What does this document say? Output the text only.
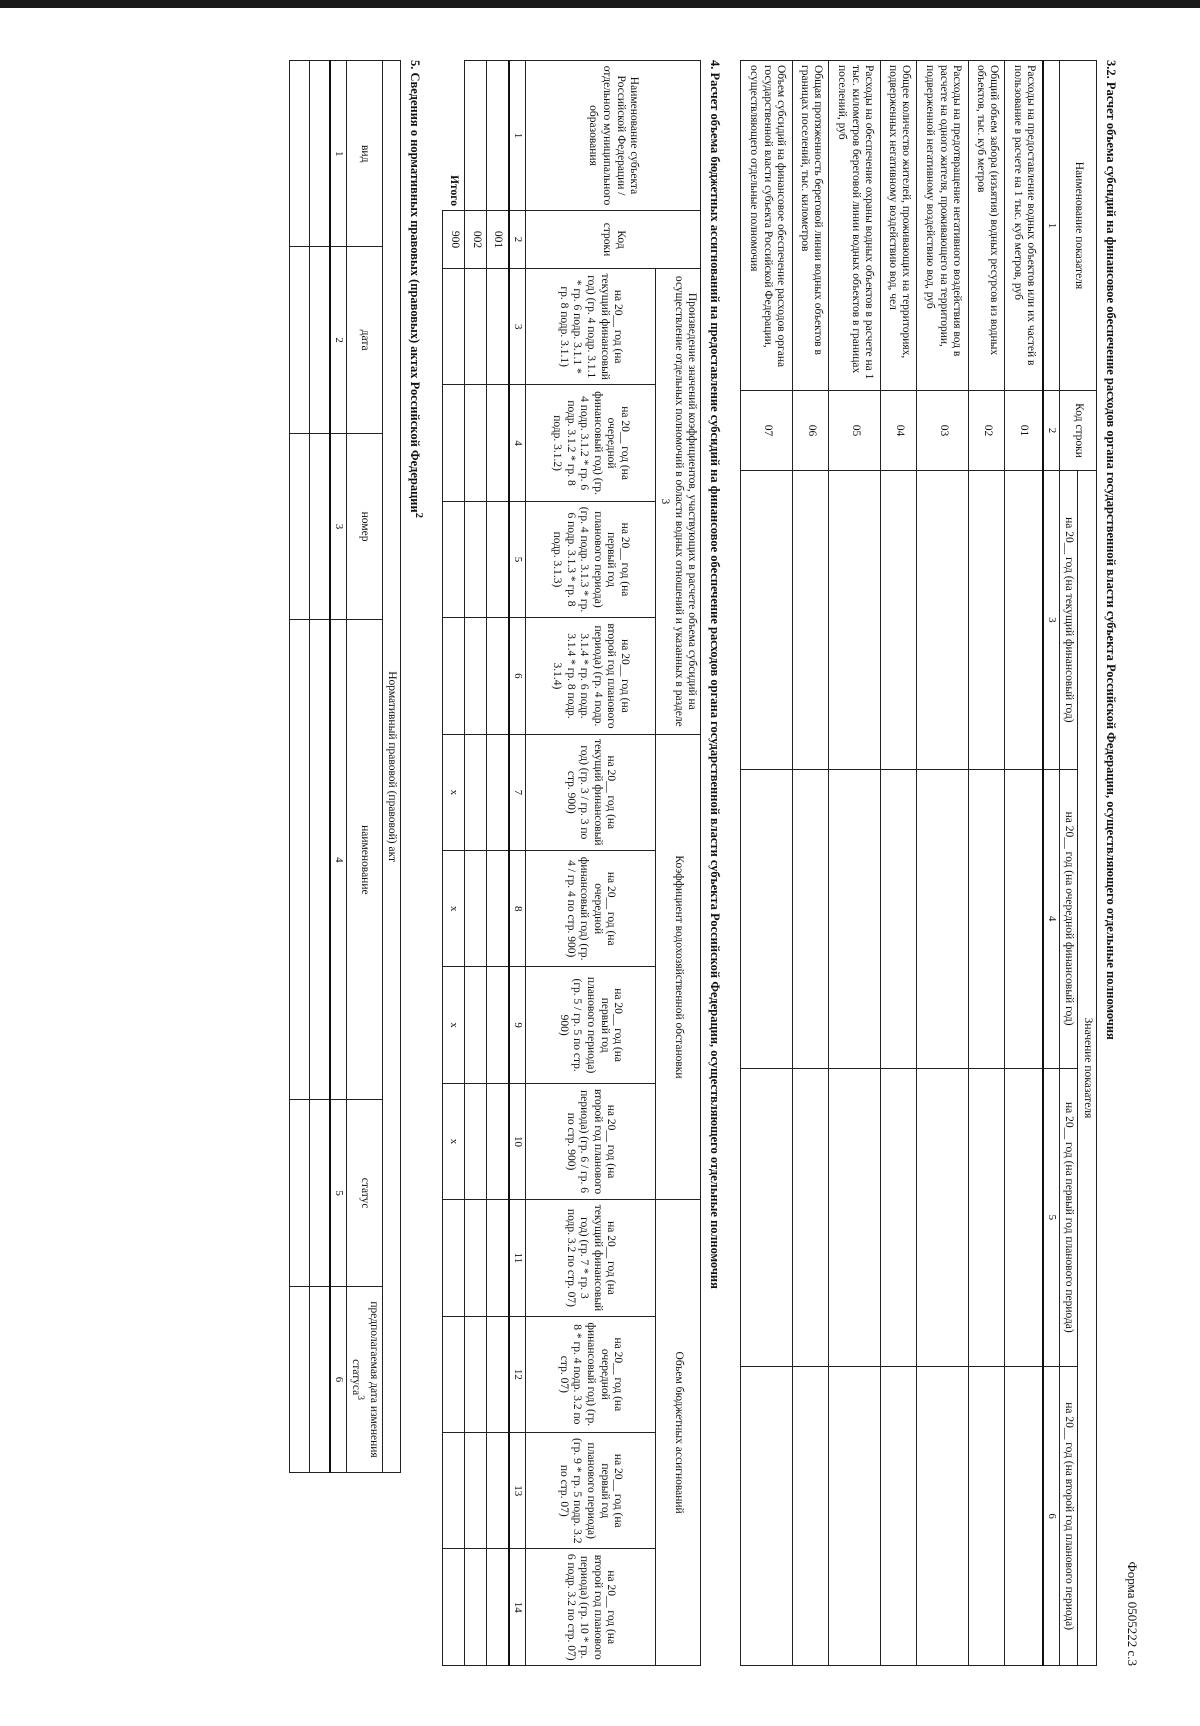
Форма 0505222 с.3
3.2. Расчет объема субсидий на финансовое обеспечение расходов органа государственной власти субъекта Российской Федерации, осуществляющего отдельные полномочия
Наименование показателя	Код строки	Значение показателя			
		на 20__ год (на текущий финансовый год)	на 20__ год (на очередной финансовый год)	на 20__ год (на первый год планового периода)	на 20__ год (на второй год планового периода)
1	2	3	4	5	6
Расходы на предоставление водных объектов или их частей в пользование в расчете на 1 тыс. куб метров, руб	01				
Общий объем забора (изъятия) водных ресурсов из водных объектов, тыс. куб метров	02				
Расходы на предотвращение негативного воздействия вод в расчете на одного жителя, проживающего на территории, подверженной негативному воздействию вод, руб	03				
Общее количество жителей, проживающих на территориях, подверженных негативному воздействию вод, чел	04				
Расходы на обеспечение охраны водных объектов в расчете на 1 тыс. километров береговой линии водных объектов в границах поселений, руб	05				
Общая протяженность береговой линии водных объектов в границах поселений, тыс. километров	06				
Объем субсидий на финансовое обеспечение расходов органа государственной власти субъекта Российской Федерации, осуществляющего отдельные полномочия	07				
4. Расчет объема бюджетных ассигнований на предоставление субсидий на финансовое обеспечение расходов органа государственной власти субъекта Российской Федерации, осуществляющего отдельные полномочия
Наименование субъекта Российской Федерации / отдельного муниципального образования	Код строки	Произведение значений коэффициентов, участвующих в расчете объема субсидий на осуществление отдельных полномочий в области водных отношений и указанных в разделе 3				Коэффициент водохозяйственной обстановки				Объем бюджетных ассигнований			
		на 20__ год (на текущий финансовый год) (гр. 4 подр. 3.1.1 * гр. 6 подр. 3.1.1 * гр. 8 подр. 3.1.1)	на 20__ год (на очередной финансовый год) (гр. 4 подр. 3.1.2 * гр. 6 подр. 3.1.2 * гр. 8 подр. 3.1.2)	на 20__ год (на первый год планового периода) (гр. 4 подр. 3.1.3 * гр. 6 подр. 3.1.3 * гр. 8 подр. 3.1.3)	на 20__ год (на второй год планового периода) (гр. 4 подр. 3.1.4 * гр. 6 подр. 3.1.4 * гр. 8 подр. 3.1.4)	на 20__ год (на текущий финансовый год) (гр. 3 / гр. 3 по стр. 900)	на 20__ год (на очередной финансовый год) (гр. 4 / гр. 4 по стр. 900)	на 20__ год (на первый год планового периода) (гр. 5 / гр. 5 по стр. 900)	на 20__ год (на второй год планового периода) (гр. 6 / гр. 6 по стр. 900)	на 20__ год (на текущий финансовый год) (гр. 7 * гр. 3 подр. 3.2 по стр. 07)	на 20__ год (на очередной финансовый год) (гр. 8 * гр. 4 подр. 3.2 по стр. 07)	на 20__ год (на первый год планового периода) (гр. 9 * гр. 5 подр. 3.2 по стр. 07)	на 20__ год (на второй год планового периода) (гр. 10 * гр. 6 подр. 3.2 по стр. 07)
1	2	3	4	5	6	7	8	9	10	11	12	13	14
	001												
	002												
Итого	900					x	x	x	x				
5. Сведения о нормативных правовых (правовых) актах Российской Федерации$^2$
Нормативный правовой (правовой) акт					
вид	дата	номер	наименование	статус	предполагаемая дата изменения статуса$^3$
1	2	3	4	5	6
